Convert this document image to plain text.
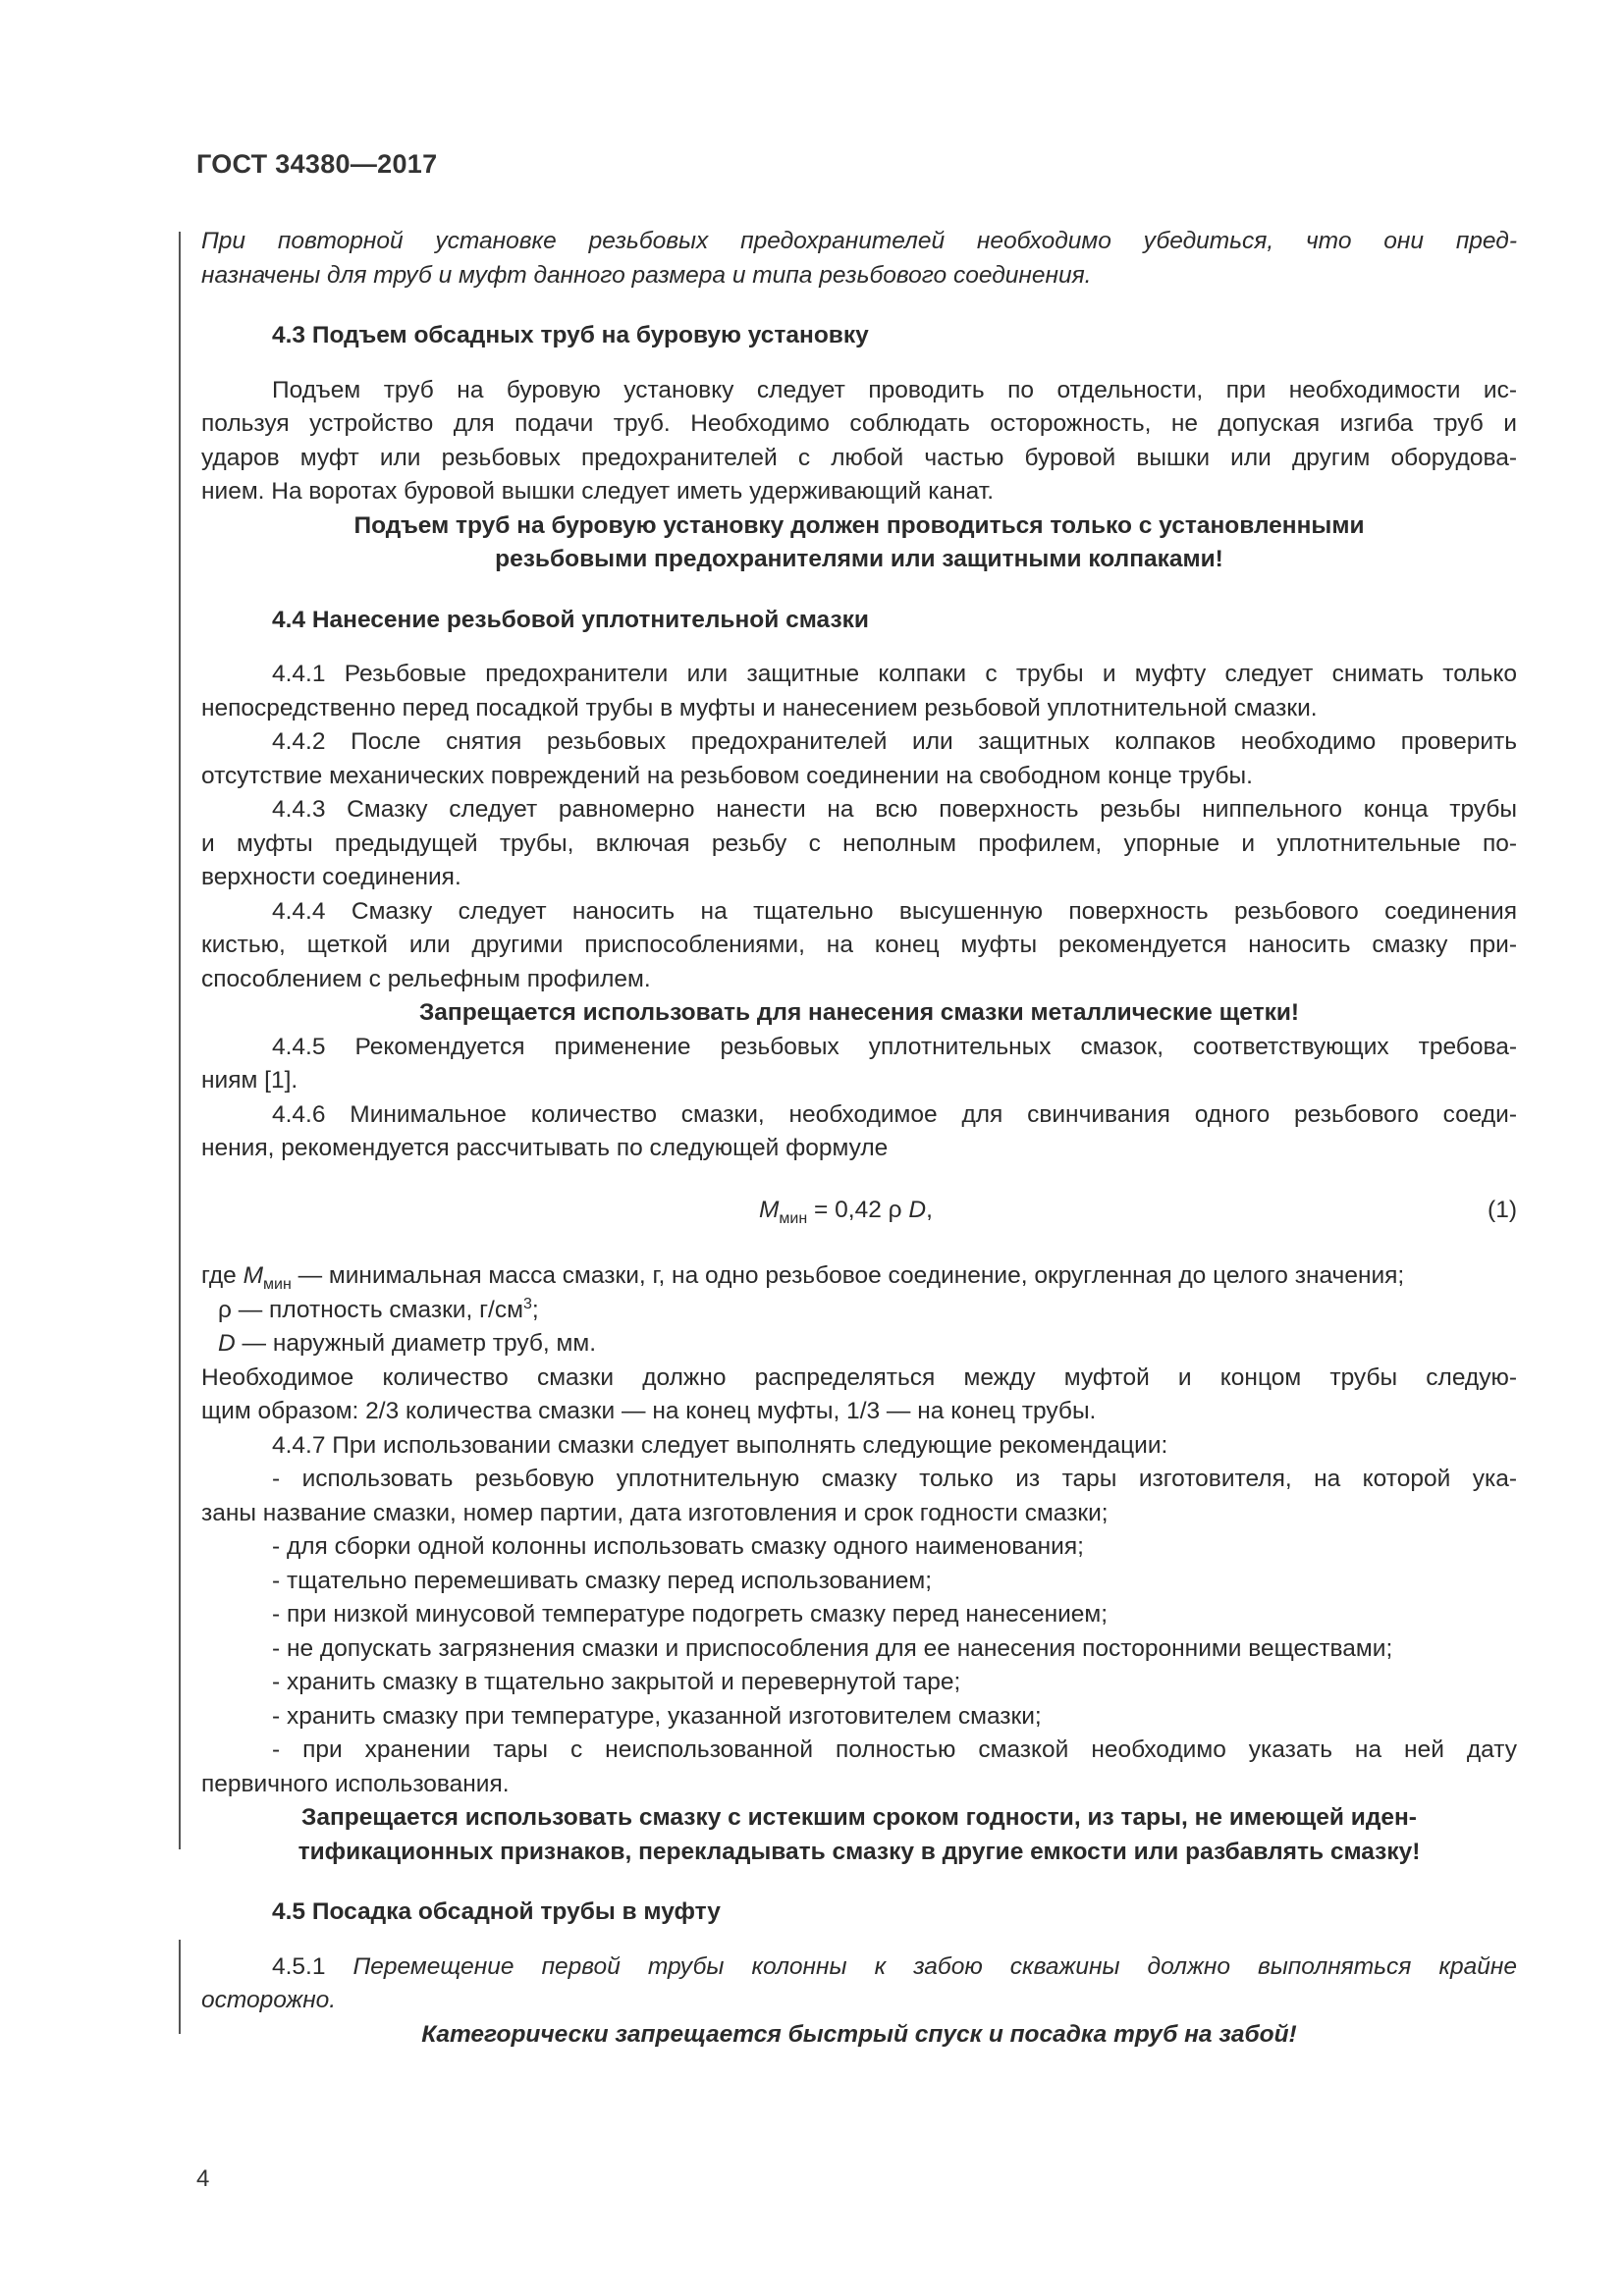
ГОСТ 34380—2017
При повторной установке резьбовых предохранителей необходимо убедиться, что они пред-
назначены для труб и муфт данного размера и типа резьбового соединения.
4.3 Подъем обсадных труб на буровую установку
Подъем труб на буровую установку следует проводить по отдельности, при необходимости ис-
пользуя устройство для подачи труб. Необходимо соблюдать осторожность, не допуская изгиба труб и
ударов муфт или резьбовых предохранителей с любой частью буровой вышки или другим оборудова-
нием. На воротах буровой вышки следует иметь удерживающий канат.
Подъем труб на буровую установку должен проводиться только с установленными
резьбовыми предохранителями или защитными колпаками!
4.4 Нанесение резьбовой уплотнительной смазки
4.4.1 Резьбовые предохранители или защитные колпаки с трубы и муфту следует снимать только
непосредственно перед посадкой трубы в муфты и нанесением резьбовой уплотнительной смазки.
4.4.2 После снятия резьбовых предохранителей или защитных колпаков необходимо проверить
отсутствие механических повреждений на резьбовом соединении на свободном конце трубы.
4.4.3 Смазку следует равномерно нанести на всю поверхность резьбы ниппельного конца трубы
и муфты предыдущей трубы, включая резьбу с неполным профилем, упорные и уплотнительные по-
верхности соединения.
4.4.4 Смазку следует наносить на тщательно высушенную поверхность резьбового соединения
кистью, щеткой или другими приспособлениями, на конец муфты рекомендуется наносить смазку при-
способлением с рельефным профилем.
Запрещается использовать для нанесения смазки металлические щетки!
4.4.5 Рекомендуется применение резьбовых уплотнительных смазок, соответствующих требова-
ниям [1].
4.4.6 Минимальное количество смазки, необходимое для свинчивания одного резьбового соеди-
нения, рекомендуется рассчитывать по следующей формуле
$M_{мин} = 0,42$ ρ D,	(1)
где $M_{мин}$ — минимальная масса смазки, г, на одно резьбовое соединение, округленная до целого значения;
ρ — плотность смазки, $г/см^3$;
D — наружный диаметр труб, мм.
Необходимое количество смазки должно распределяться между муфтой и концом трубы следую-
щим образом: 2/3 количества смазки — на конец муфты, 1/3 — на конец трубы.
4.4.7 При использовании смазки следует выполнять следующие рекомендации:
- использовать резьбовую уплотнительную смазку только из тары изготовителя, на которой ука-
заны название смазки, номер партии, дата изготовления и срок годности смазки;
- для сборки одной колонны использовать смазку одного наименования;
- тщательно перемешивать смазку перед использованием;
- при низкой минусовой температуре подогреть смазку перед нанесением;
- не допускать загрязнения смазки и приспособления для ее нанесения посторонними веществами;
- хранить смазку в тщательно закрытой и перевернутой таре;
- хранить смазку при температуре, указанной изготовителем смазки;
- при хранении тары с неиспользованной полностью смазкой необходимо указать на ней дату
первичного использования.
Запрещается использовать смазку с истекшим сроком годности, из тары, не имеющей иден-
тификационных признаков, перекладывать смазку в другие емкости или разбавлять смазку!
4.5 Посадка обсадной трубы в муфту
4.5.1 Перемещение первой трубы колонны к забою скважины должно выполняться крайне
осторожно.
Категорически запрещается быстрый спуск и посадка труб на забой!
4
